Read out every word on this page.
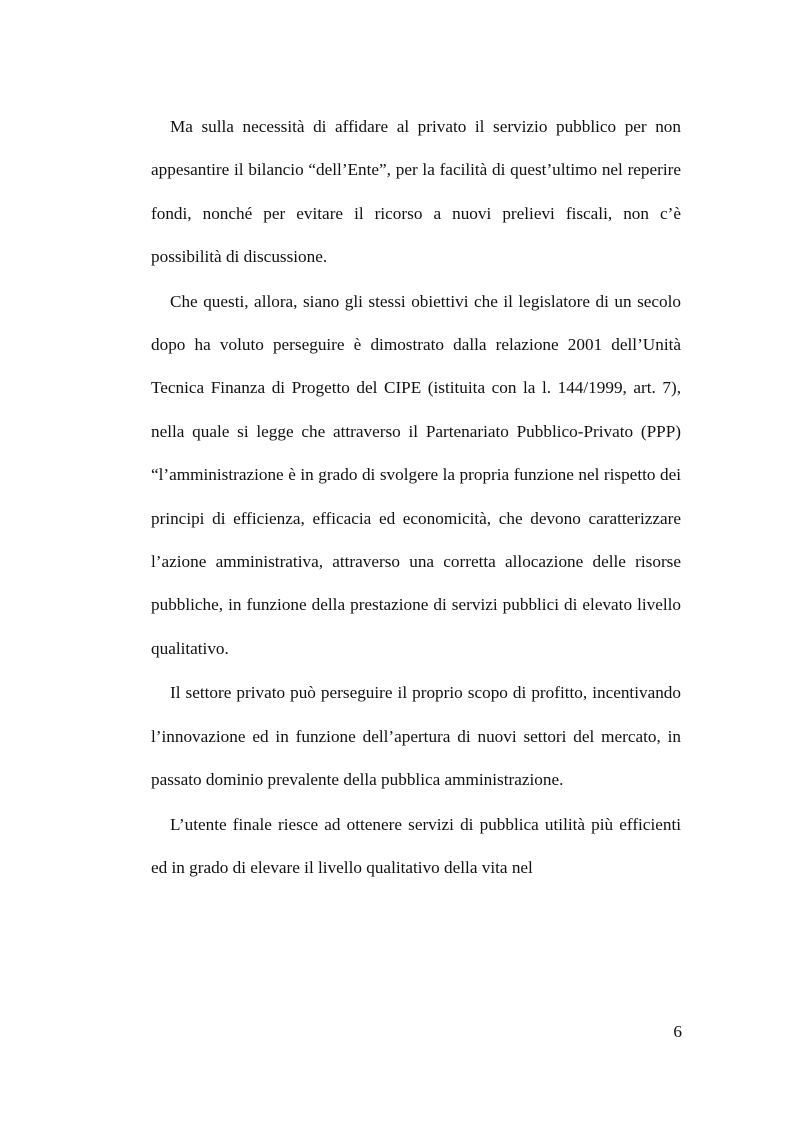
Ma sulla necessità di affidare al privato il servizio pubblico per non appesantire il bilancio “dell’Ente”, per la facilità di quest’ultimo nel reperire fondi, nonché per evitare il ricorso a nuovi prelievi fiscali, non c’è possibilità di discussione.

Che questi, allora, siano gli stessi obiettivi che il legislatore di un secolo dopo ha voluto perseguire è dimostrato dalla relazione 2001 dell’Unità Tecnica Finanza di Progetto del CIPE (istituita con la l. 144/1999, art. 7), nella quale si legge che attraverso il Partenariato Pubblico-Privato (PPP) “l’amministrazione è in grado di svolgere la propria funzione nel rispetto dei principi di efficienza, efficacia ed economicità, che devono caratterizzare l’azione amministrativa, attraverso una corretta allocazione delle risorse pubbliche, in funzione della prestazione di servizi pubblici di elevato livello qualitativo.

Il settore privato può perseguire il proprio scopo di profitto, incentivando l’innovazione ed in funzione dell’apertura di nuovi settori del mercato, in passato dominio prevalente della pubblica amministrazione.

L’utente finale riesce ad ottenere servizi di pubblica utilità più efficienti ed in grado di elevare il livello qualitativo della vita nel

6
